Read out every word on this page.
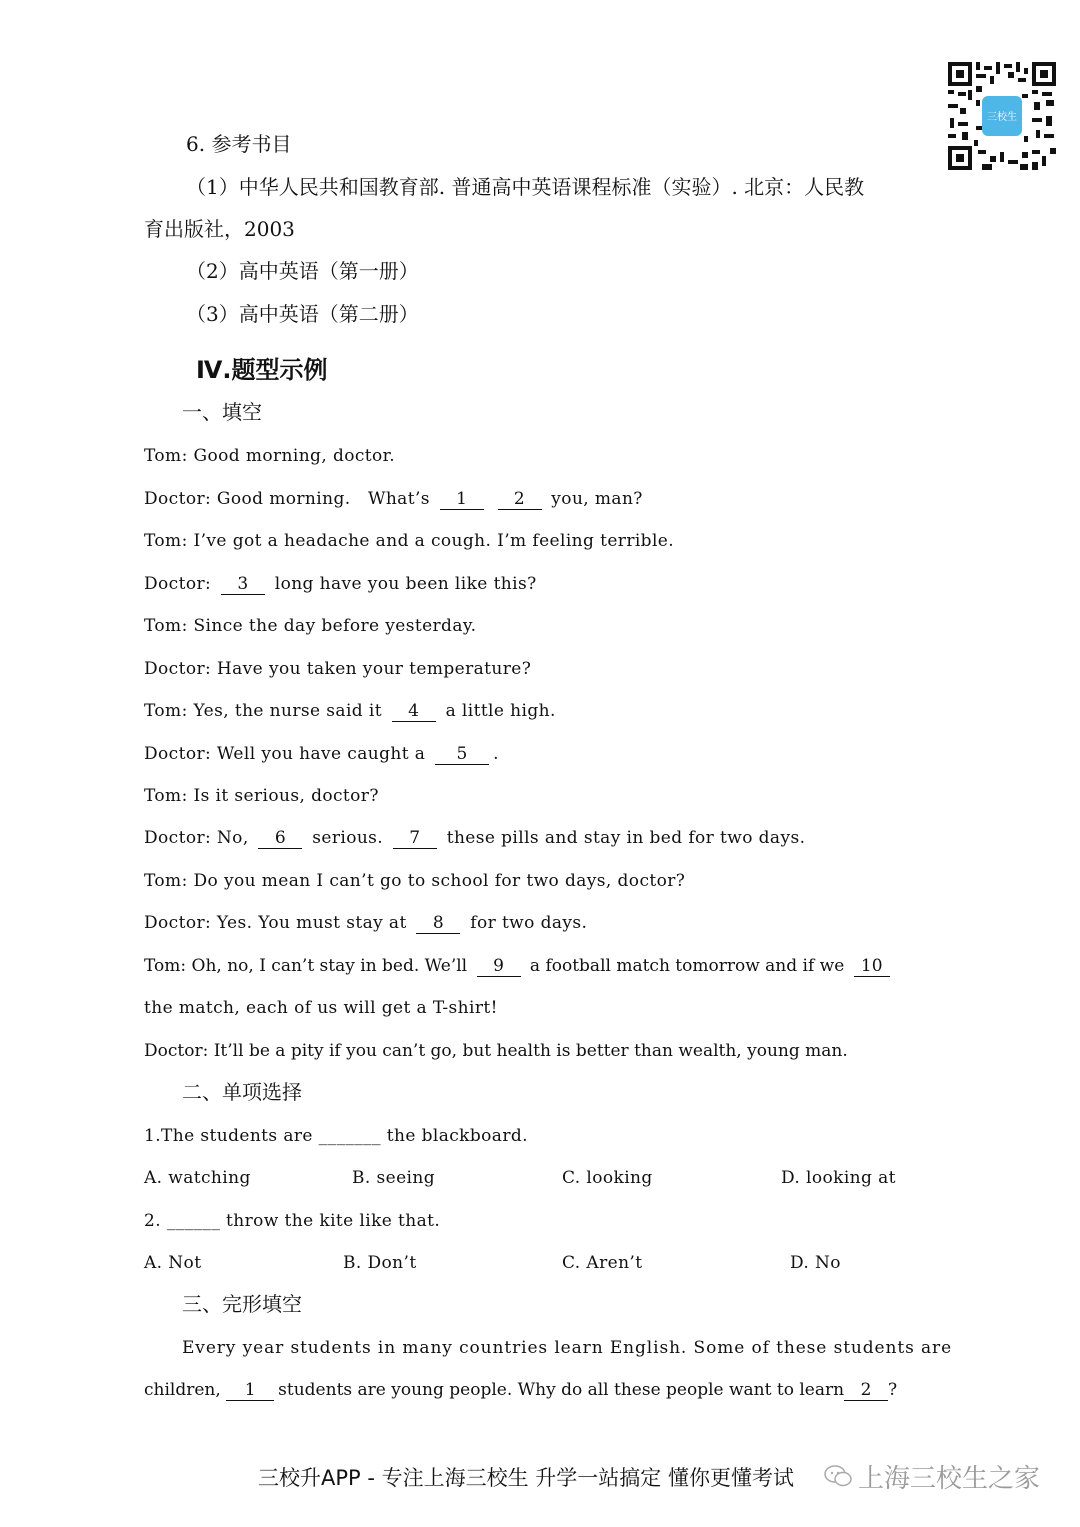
三校生
6. 参考书目
（1）中华人民共和国教育部. 普通高中英语课程标准（实验）. 北京：人民教
育出版社，2003
（2）高中英语（第一册）
（3）高中英语（第二册）
Ⅳ.题型示例
一、填空
Tom: Good morning, doctor.
Doctor: Good morning.   What’s 1	2 you, man?
Tom: I’ve got a headache and a cough. I’m feeling terrible.
Doctor: 3 long have you been like this?
Tom: Since the day before yesterday.
Doctor: Have you taken your temperature?
Tom: Yes, the nurse said it 4 a little high.
Doctor: Well you have caught a 5 .
Tom: Is it serious, doctor?
Doctor: No, 6 serious. 7 these pills and stay in bed for two days.
Tom: Do you mean I can’t go to school for two days, doctor?
Doctor: Yes. You must stay at 8 for two days.
Tom: Oh, no, I can’t stay in bed. We’ll 9 a football match tomorrow and if we 10
the match, each of us will get a T-shirt!
Doctor: It’ll be a pity if you can’t go, but health is better than wealth, young man.
二、单项选择
1.The students are _______ the blackboard.
A. watching	B. seeing	C. looking	D. looking at
2. ______ throw the kite like that.
A. Not	B. Don’t	C. Aren’t	D. No
三、完形填空
Every year students in many countries learn English. Some of these students are
children, 1 students are young people. Why do all these people want to learn 2 ?
三校升APP - 专注上海三校生 升学一站搞定 懂你更懂考试 上海三校生之家
